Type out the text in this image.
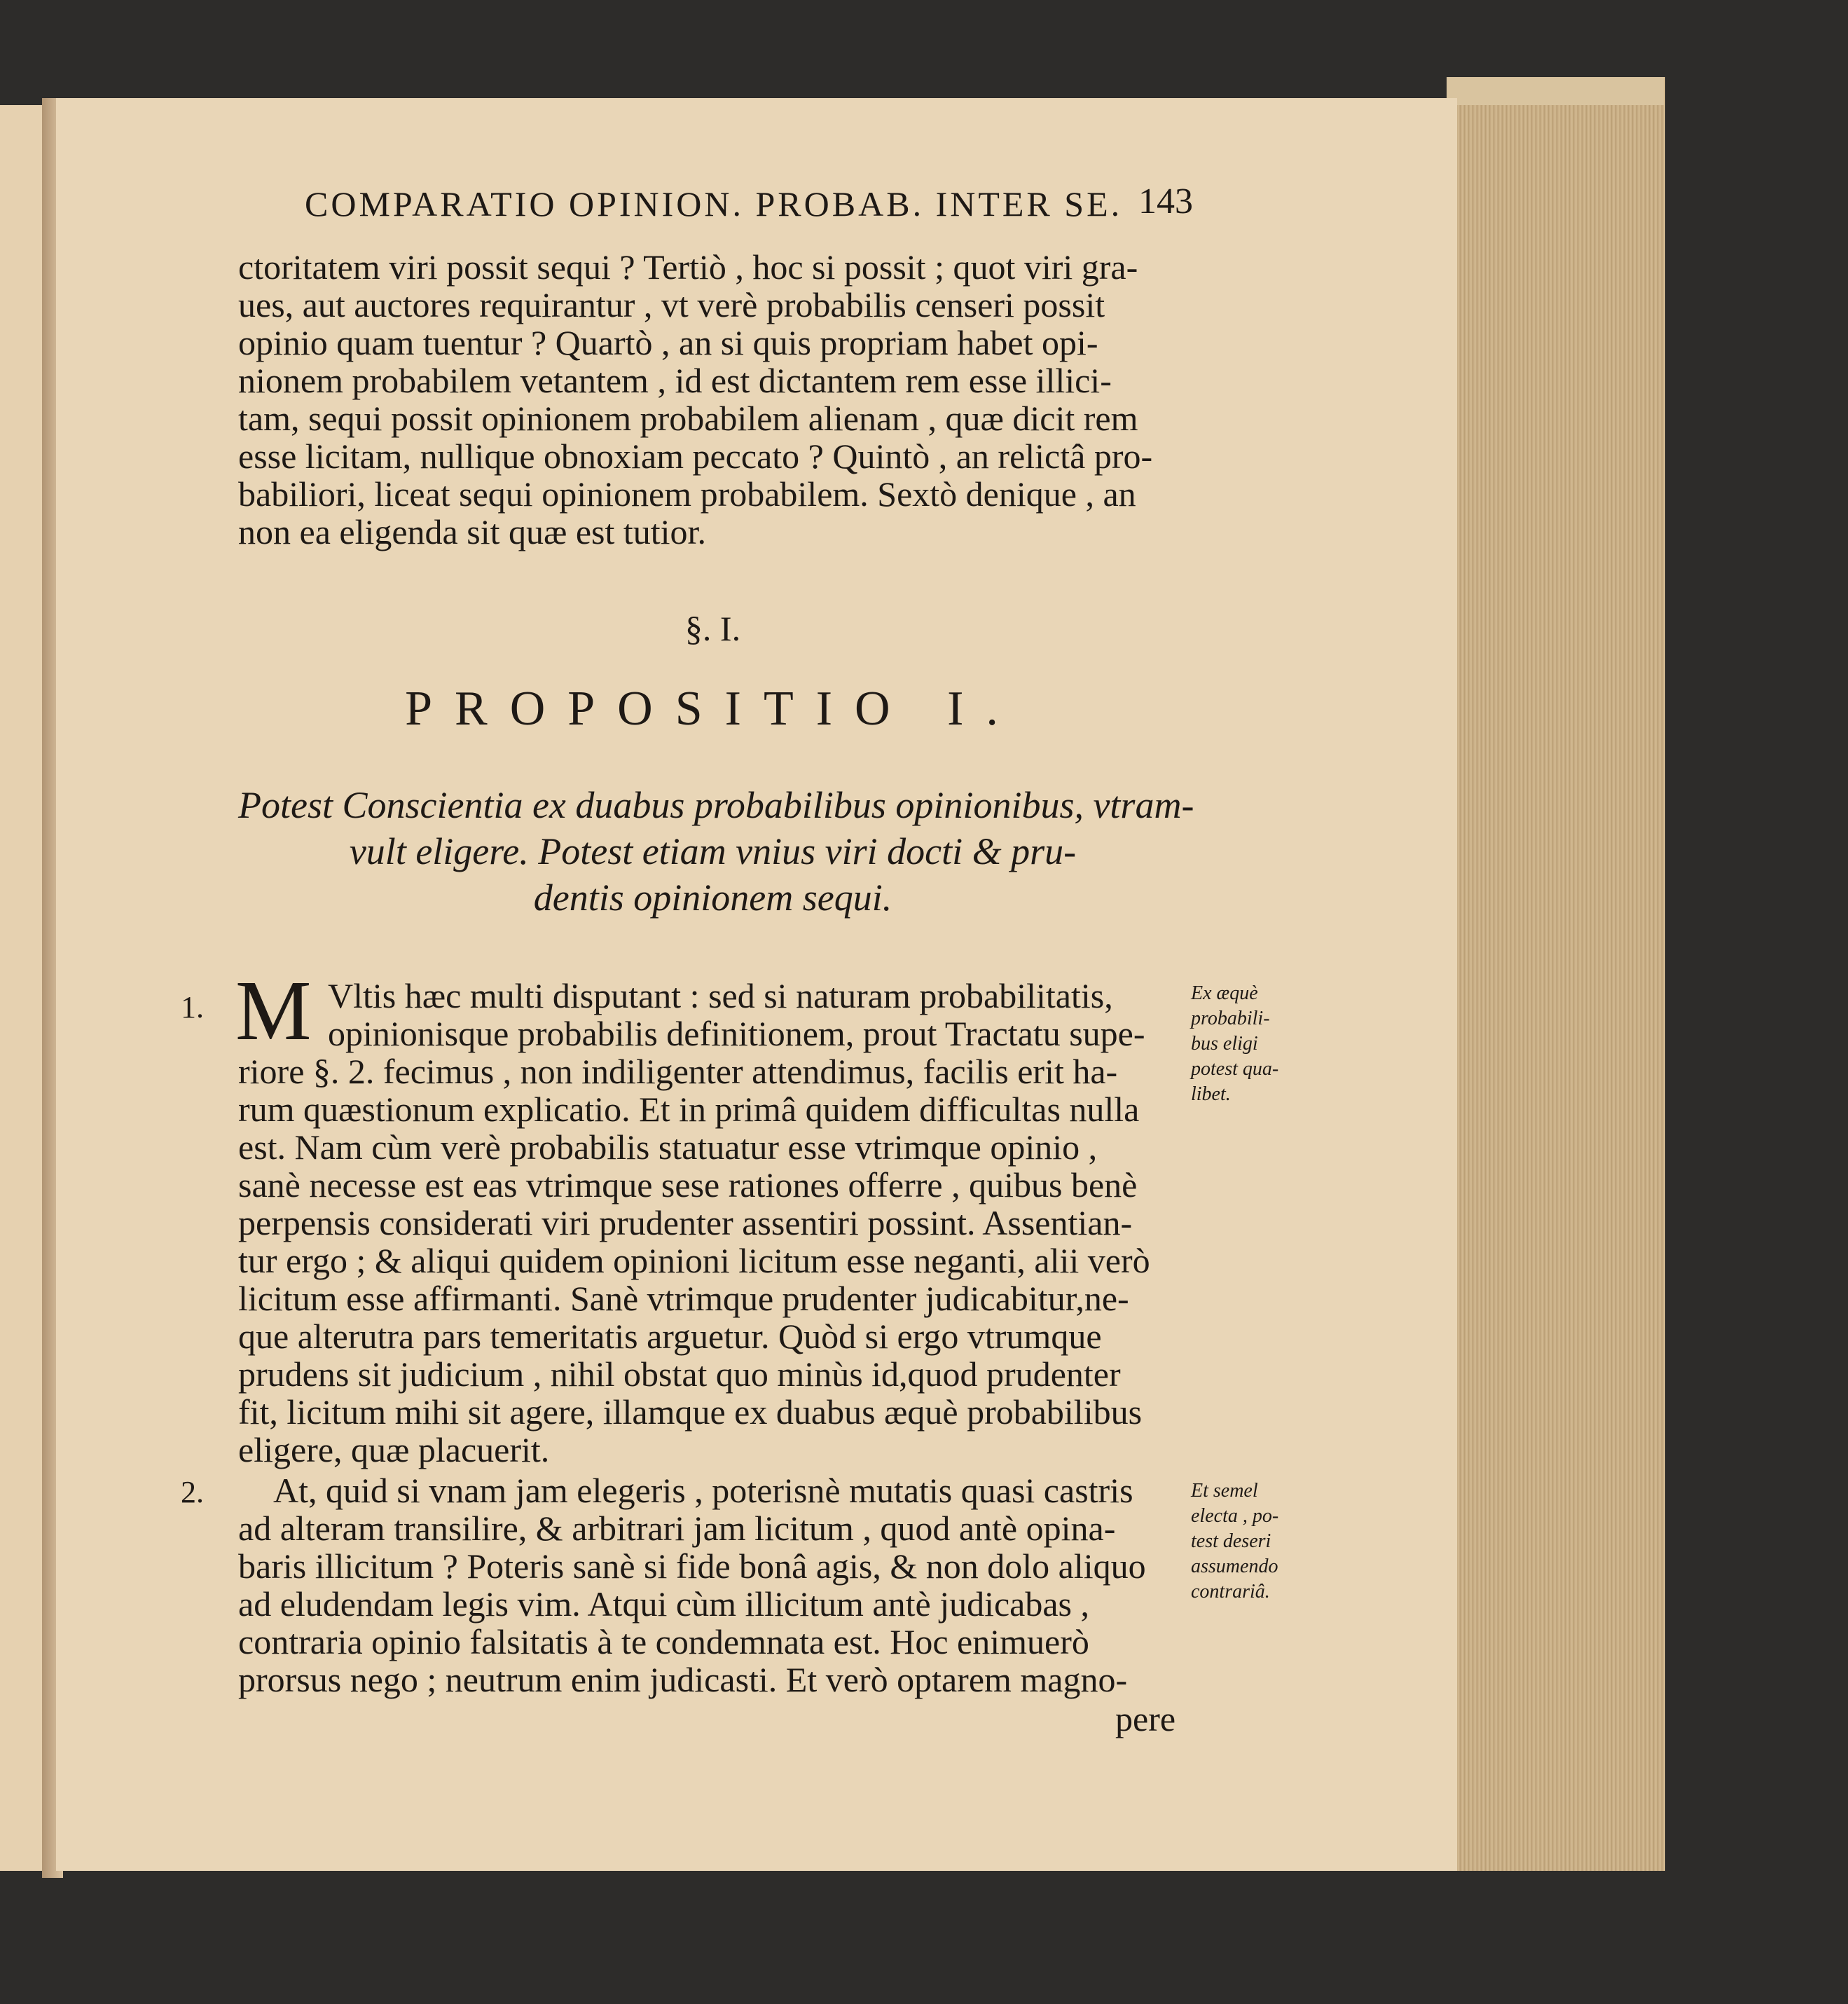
COMPARATIO OPINION. PROBAB. INTER SE. 143
ctoritatem viri possit sequi ? Tertiò , hoc si possit ; quot viri gra-
ues, aut auctores requirantur , vt verè probabilis censeri possit
opinio quam tuentur ? Quartò , an si quis propriam habet opi-
nionem probabilem vetantem , id est dictantem rem esse illici-
tam, sequi possit opinionem probabilem alienam , quæ dicit rem
esse licitam, nullique obnoxiam peccato ? Quintò , an relictâ pro-
babiliori, liceat sequi opinionem probabilem. Sextò denique , an
non ea eligenda sit quæ est tutior.
§. I.
PROPOSITIO I.
Potest Conscientia ex duabus probabilibus opinionibus, vtram-
vult eligere. Potest etiam vnius viri docti & pru-
dentis opinionem sequi.
1. M Vltis hæc multi disputant : sed si naturam probabilitatis,
opinionisque probabilis definitionem, prout Tractatu supe-
riore §. 2. fecimus , non indiligenter attendimus, facilis erit ha-
rum quæstionum explicatio. Et in primâ quidem difficultas nulla
est. Nam cùm verè probabilis statuatur esse vtrimque opinio ,
sanè necesse est eas vtrimque sese rationes offerre , quibus benè
perpensis considerati viri prudenter assentiri possint. Assentian-
tur ergo ; & aliqui quidem opinioni licitum esse neganti, alii verò
licitum esse affirmanti. Sanè vtrimque prudenter judicabitur,ne-
que alterutra pars temeritatis arguetur. Quòd si ergo vtrumque
prudens sit judicium , nihil obstat quo minùs id,quod prudenter
fit, licitum mihi sit agere, illamque ex duabus æquè probabilibus
eligere, quæ placuerit.
Ex æquè
probabili-
bus eligi
potest qua-
libet.
2. At, quid si vnam jam elegeris , poterisnè mutatis quasi castris
ad alteram transilire, & arbitrari jam licitum , quod antè opina-
baris illicitum ? Poteris sanè si fide bonâ agis, & non dolo aliquo
ad eludendam legis vim. Atqui cùm illicitum antè judicabas ,
contraria opinio falsitatis à te condemnata est. Hoc enimuerò
prorsus nego ; neutrum enim judicasti. Et verò optarem magno-
Et semel
electa , po-
test deseri
assumendo
contrariâ.
pere
